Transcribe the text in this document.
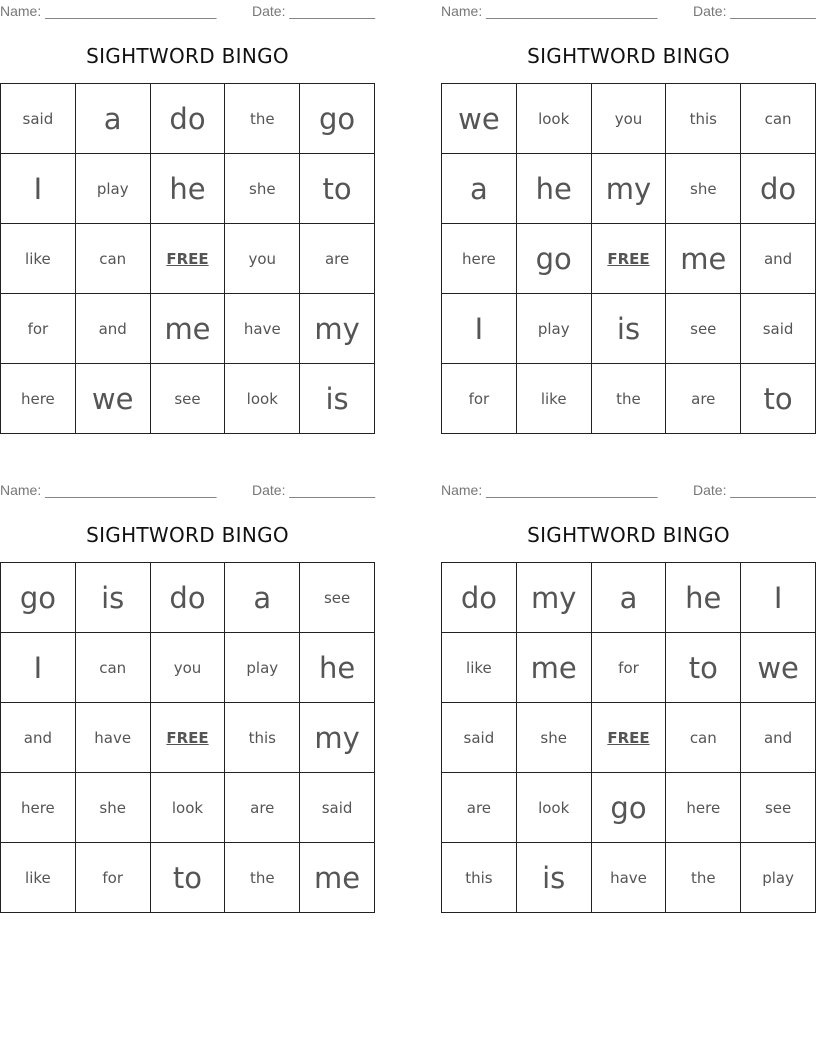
Name: ______________________	Date: ___________
SIGHTWORD BINGO
said	a	do	the	go
I	play	he	she	to
like	can	FREE	you	are
for	and	me	have	my
here	we	see	look	is
Name: ______________________	Date: ___________
SIGHTWORD BINGO
we	look	you	this	can
a	he	my	she	do
here	go	FREE	me	and
I	play	is	see	said
for	like	the	are	to
Name: ______________________	Date: ___________
SIGHTWORD BINGO
go	is	do	a	see
I	can	you	play	he
and	have	FREE	this	my
here	she	look	are	said
like	for	to	the	me
Name: ______________________	Date: ___________
SIGHTWORD BINGO
do	my	a	he	I
like	me	for	to	we
said	she	FREE	can	and
are	look	go	here	see
this	is	have	the	play
